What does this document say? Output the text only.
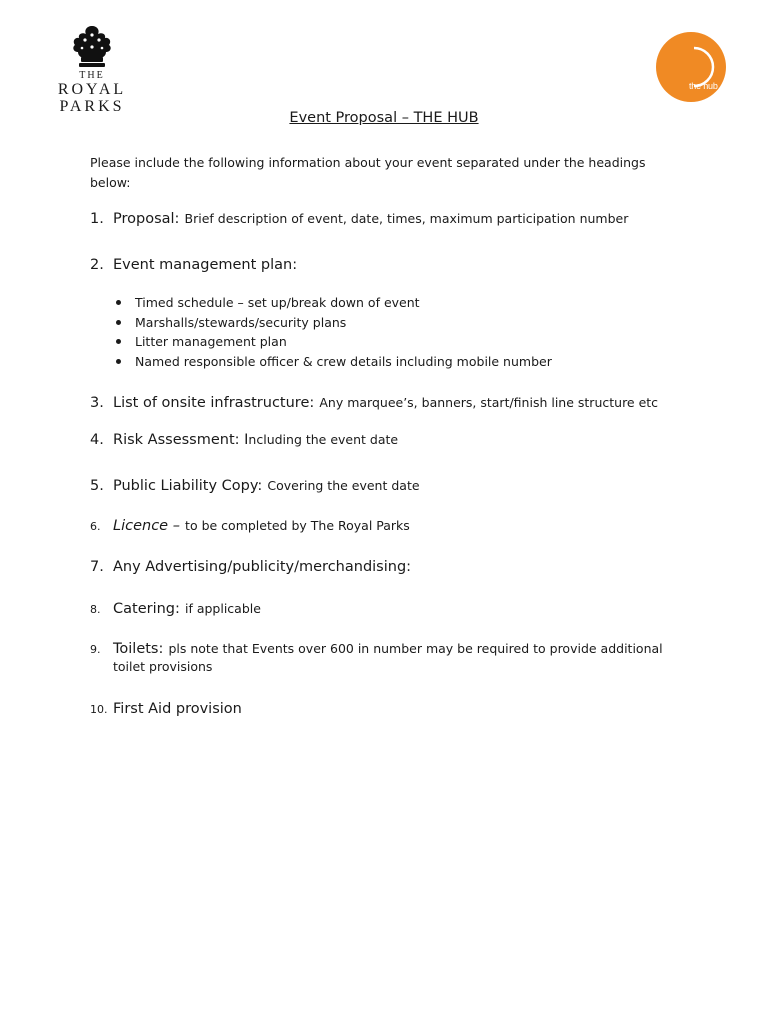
THE
ROYAL
PARKS
the hub
Event Proposal – THE HUB
Please include the following information about your event separated under the headings below:
1. Proposal: Brief description of event, date, times, maximum participation number
2. Event management plan:
Timed schedule – set up/break down of event
Marshalls/stewards/security plans
Litter management plan
Named responsible officer & crew details including mobile number
3. List of onsite infrastructure: Any marquee’s, banners, start/finish line structure etc
4. Risk Assessment: Including the event date
5. Public Liability Copy: Covering the event date
6. Licence – to be completed by The Royal Parks
7. Any Advertising/publicity/merchandising:
8. Catering: if applicable
9. Toilets: pls note that Events over 600 in number may be required to provide additional
toilet provisions
10. First Aid provision
